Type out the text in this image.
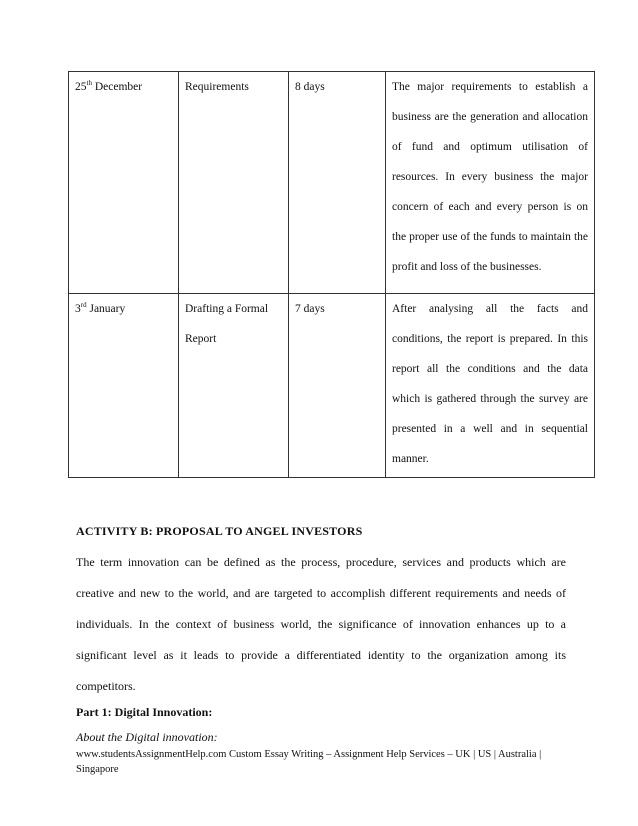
25th December	Requirements	8 days	The major requirements to establish a business are the generation and allocation of fund and optimum utilisation of resources. In every business the major concern of each and every person is on the proper use of the funds to maintain the profit and loss of the businesses.
3rd January	Drafting a Formal Report	7 days	After analysing all the facts and conditions, the report is prepared. In this report all the conditions and the data which is gathered through the survey are presented in a well and in sequential manner.
ACTIVITY B: PROPOSAL TO ANGEL INVESTORS
The term innovation can be defined as the process, procedure, services and products which are creative and new to the world, and are targeted to accomplish different requirements and needs of individuals. In the context of business world, the significance of innovation enhances up to a significant level as it leads to provide a differentiated identity to the organization among its competitors.
Part 1: Digital Innovation:
About the Digital innovation:
www.studentsAssignmentHelp.com Custom Essay Writing – Assignment Help Services – UK | US | Australia | Singapore
